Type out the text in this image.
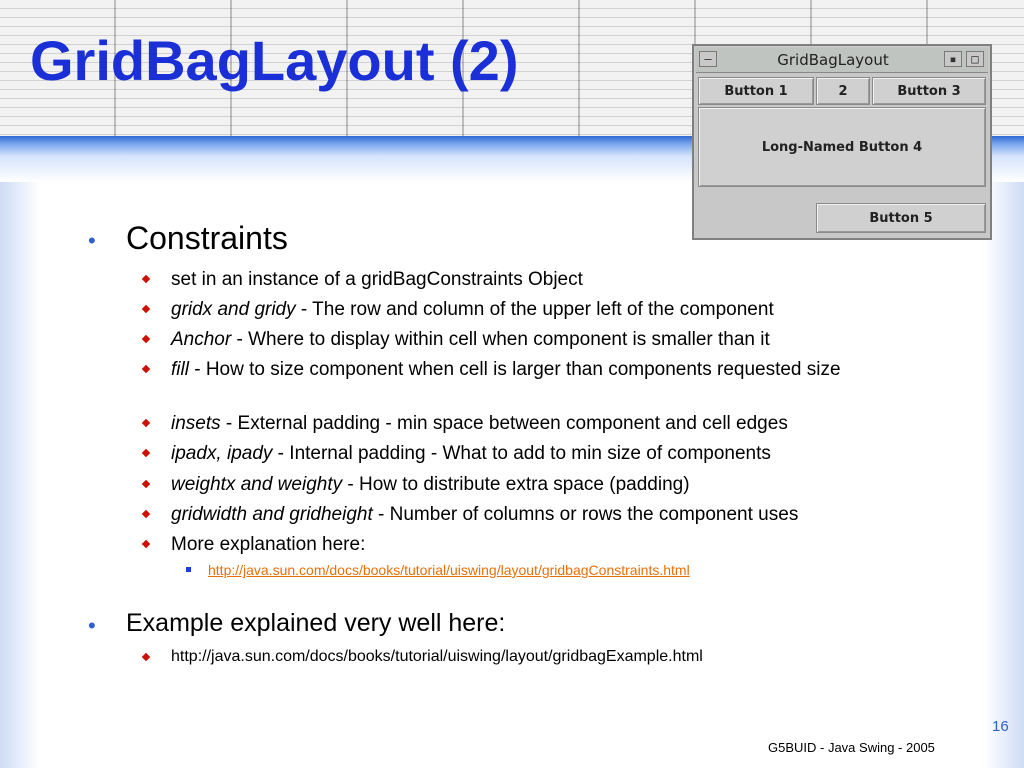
GridBagLayout (2)	–	GridBagLayout	▪	□
Button 1	2	Button 3
Long-Named Button 4
Button 5
• Constraints
set in an instance of a gridBagConstraints Object
gridx and gridy - The row and column of the upper left of the component
Anchor - Where to display within cell when component is smaller than it
fill - How to size component when cell is larger than components requested size
insets - External padding - min space between component and cell edges
ipadx, ipady - Internal padding - What to add to min size of components
weightx and weighty - How to distribute extra space (padding)
gridwidth and gridheight - Number of columns or rows the component uses
More explanation here:
http://java.sun.com/docs/books/tutorial/uiswing/layout/gridbagConstraints.html
• Example explained very well here:
http://java.sun.com/docs/books/tutorial/uiswing/layout/gridbagExample.html
16
G5BUID - Java Swing - 2005
